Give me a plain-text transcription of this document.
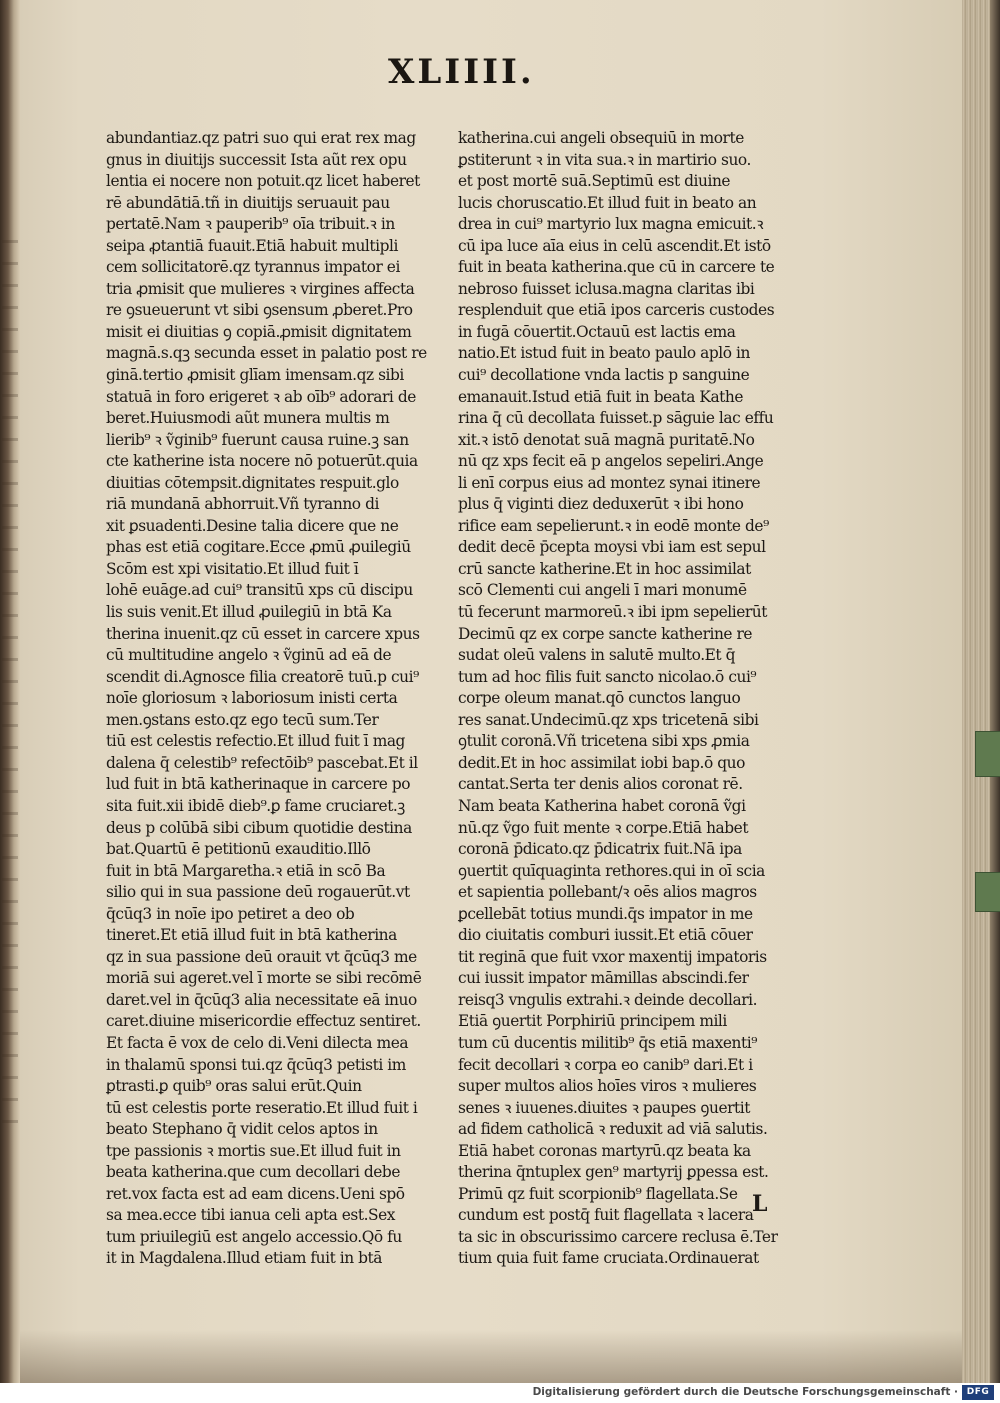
XLIIII.
abundantiaz.qz patri suo qui erat rex mag
gnus in diuitijs successit Ista aũt rex opu
lentia ei nocere non potuit.qz licet haberet
rē abundātiā.tñ in diuitijs seruauit pau
pertatē.Nam ꝛ pauperib⁹ oīa tribuit.ꝛ in
seipa ꝓtantiā fuauit.Etiā habuit multipli
cem sollicitatorē.qz tyrannus impator ei
tria ꝓmisit que mulieres ꝛ virgines affecta
re ꝯsueuerunt vt sibi ꝯsensum ꝓberet.Pro
misit ei diuitias ꝯ copiā.ꝓmisit dignitatem
magnā.s.qꝫ secunda esset in palatio post re
ginā.tertio ꝓmisit glīam imensam.qz sibi
statuā in foro erigeret ꝛ ab oīb⁹ adorari de
beret.Huiusmodi aũt munera multis m
lierib⁹ ꝛ ṽginib⁹ fuerunt causa ruine.ꝫ san
cte katherine ista nocere nō potuerūt.quia
diuitias cōtempsit.dignitates respuit.glo
riā mundanā abhorruit.Vñ tyranno di
xit ꝑsuadenti.Desine talia dicere que ne
phas est etiā cogitare.Ecce ꝓmū ꝓuilegiū
Scōm est xpi visitatio.Et illud fuit ī
lohē euāge.ad cui⁹ transitū xps cū discipu
lis suis venit.Et illud ꝓuilegiū in btā Ka
therina inuenit.qz cū esset in carcere xpus
cū multitudine angelo ꝛ ṽginū ad eā de
scendit di.Agnosce filia creatorē tuū.p cui⁹
noīe gloriosum ꝛ laboriosum inisti certa
men.ꝯstans esto.qz ego tecū sum.Ter
tiū est celestis refectio.Et illud fuit ī mag
dalena q̄ celestib⁹ refectōib⁹ pascebat.Et il
lud fuit in btā katherinaque in carcere po
sita fuit.xii ibidē dieb⁹.ꝑ fame cruciaret.ꝫ
deus p colūbā sibi cibum quotidie destina
bat.Quartū ē petitionū exauditio.Illō
fuit in btā Margaretha.ꝛ etiā in scō Ba
silio qui in sua passione deū rogauerūt.vt
q̄cūq3 in noīe ipo petiret a deo ob
tineret.Et etiā illud fuit in btā katherina
qz in sua passione deū orauit vt q̄cūq3 me
moriā sui ageret.vel ī morte se sibi recōmē
daret.vel in q̄cūq3 alia necessitate eā inuo
caret.diuine misericordie effectuz sentiret.
Et facta ē vox de celo di.Veni dilecta mea
in thalamū sponsi tui.qz q̄cūq3 petisti im
ꝑtrasti.ꝑ quib⁹ oras salui erūt.Quin
tū est celestis porte reseratio.Et illud fuit i
beato Stephano q̄ vidit celos aptos in
tpe passionis ꝛ mortis sue.Et illud fuit in
beata katherina.que cum decollari debe
ret.vox facta est ad eam dicens.Ueni spō
sa mea.ecce tibi ianua celi apta est.Sex
tum priuilegiū est angelo accessio.Qō fu
it in Magdalena.Illud etiam fuit in btā
katherina.cui angeli obsequiū in morte
ꝑstiterunt ꝛ in vita sua.ꝛ in martirio suo.
et post mortē suā.Septimū est diuine
lucis choruscatio.Et illud fuit in beato an
drea in cui⁹ martyrio lux magna emicuit.ꝛ
cū ipa luce aīa eius in celū ascendit.Et istō
fuit in beata katherina.que cū in carcere te
nebroso fuisset iclusa.magna claritas ibi
resplenduit que etiā ipos carceris custodes
in fugā cōuertit.Octauū est lactis ema
natio.Et istud fuit in beato paulo aplō in
cui⁹ decollatione vnda lactis p sanguine
emanauit.Istud etiā fuit in beata Kathe
rina q̄ cū decollata fuisset.p sāguie lac effu
xit.ꝛ istō denotat suā magnā puritatē.No
nū qz xps fecit eā p angelos sepeliri.Ange
li enī corpus eius ad montez synai itinere
plus q̄ viginti diez deduxerūt ꝛ ibi hono
rifice eam sepelierunt.ꝛ in eodē monte de⁹
dedit decē p̄cepta moysi vbi iam est sepul
crū sancte katherine.Et in hoc assimilat
scō Clementi cui angeli ī mari monumē
tū fecerunt marmoreū.ꝛ ibi ipm sepelierūt
Decimū qz ex corpe sancte katherine re
sudat oleū valens in salutē multo.Et q̄
tum ad hoc filis fuit sancto nicolao.ō cui⁹
corpe oleum manat.qō cunctos languo
res sanat.Undecimū.qz xps tricetenā sibi
ꝯtulit coronā.Vñ tricetena sibi xps ꝓmia
dedit.Et in hoc assimilat iobi bap.ō quo
cantat.Serta ter denis alios coronat rē.
Nam beata Katherina habet coronā ṽgi
nū.qz ṽgo fuit mente ꝛ corpe.Etiā habet
coronā p̄dicato.qz p̄dicatrix fuit.Nā ipa
ꝯuertit quīquaginta rethores.qui in oī scia
et sapientia pollebant/ꝛ oēs alios magros
ꝑcellebāt totius mundi.q̄s impator in me
dio ciuitatis comburi iussit.Et etiā cōuer
tit reginā que fuit vxor maxentij impatoris
cui iussit impator māmillas abscindi.fer
reisq3 vngulis extrahi.ꝛ deinde decollari.
Etiā ꝯuertit Porphiriū principem mili
tum cū ducentis militib⁹ q̄s etiā maxenti⁹
fecit decollari ꝛ corpa eo canib⁹ dari.Et i
super multos alios hoīes viros ꝛ mulieres
senes ꝛ iuuenes.diuites ꝛ paupes ꝯuertit
ad fidem catholicā ꝛ reduxit ad viā salutis.
Etiā habet coronas martyrū.qz beata ka
therina q̄ntuplex gen⁹ martyrij ꝑpessa est.
Primū qz fuit scorpionib⁹ flagellata.Se
cundum est postq̄ fuit flagellata ꝛ lacera
ta sic in obscurissimo carcere reclusa ē.Ter
tium quia fuit fame cruciata.Ordinauerat
L
Digitalisierung gefördert durch die Deutsche Forschungsgemeinschaft · DFG
